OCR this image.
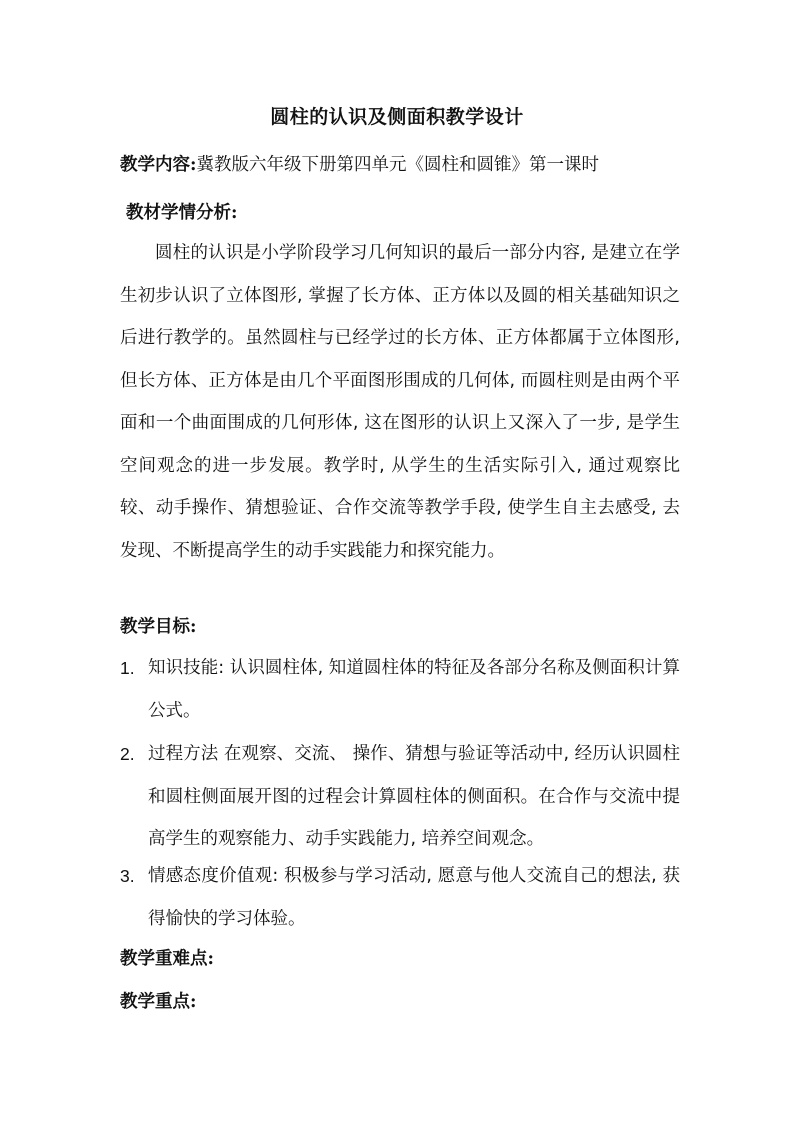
圆柱的认识及侧面积教学设计
教学内容:冀教版六年级下册第四单元《圆柱和圆锥》第一课时
教材学情分析:
圆柱的认识是小学阶段学习几何知识的最后一部分内容, 是建立在学生初步认识了立体图形, 掌握了长方体、正方体以及圆的相关基础知识之后进行教学的。虽然圆柱与已经学过的长方体、正方体都属于立体图形, 但长方体、正方体是由几个平面图形围成的几何体, 而圆柱则是由两个平面和一个曲面围成的几何形体, 这在图形的认识上又深入了一步, 是学生空间观念的进一步发展。教学时, 从学生的生活实际引入, 通过观察比较、动手操作、猜想验证、合作交流等教学手段, 使学生自主去感受, 去发现、不断提高学生的动手实践能力和探究能力。
教学目标:
1. 知识技能: 认识圆柱体, 知道圆柱体的特征及各部分名称及侧面积计算公式。
2. 过程方法 在观察、交流、 操作、猜想与验证等活动中, 经历认识圆柱和圆柱侧面展开图的过程会计算圆柱体的侧面积。在合作与交流中提高学生的观察能力、动手实践能力, 培养空间观念。
3. 情感态度价值观: 积极参与学习活动, 愿意与他人交流自己的想法, 获得愉快的学习体验。
教学重难点:
教学重点:
